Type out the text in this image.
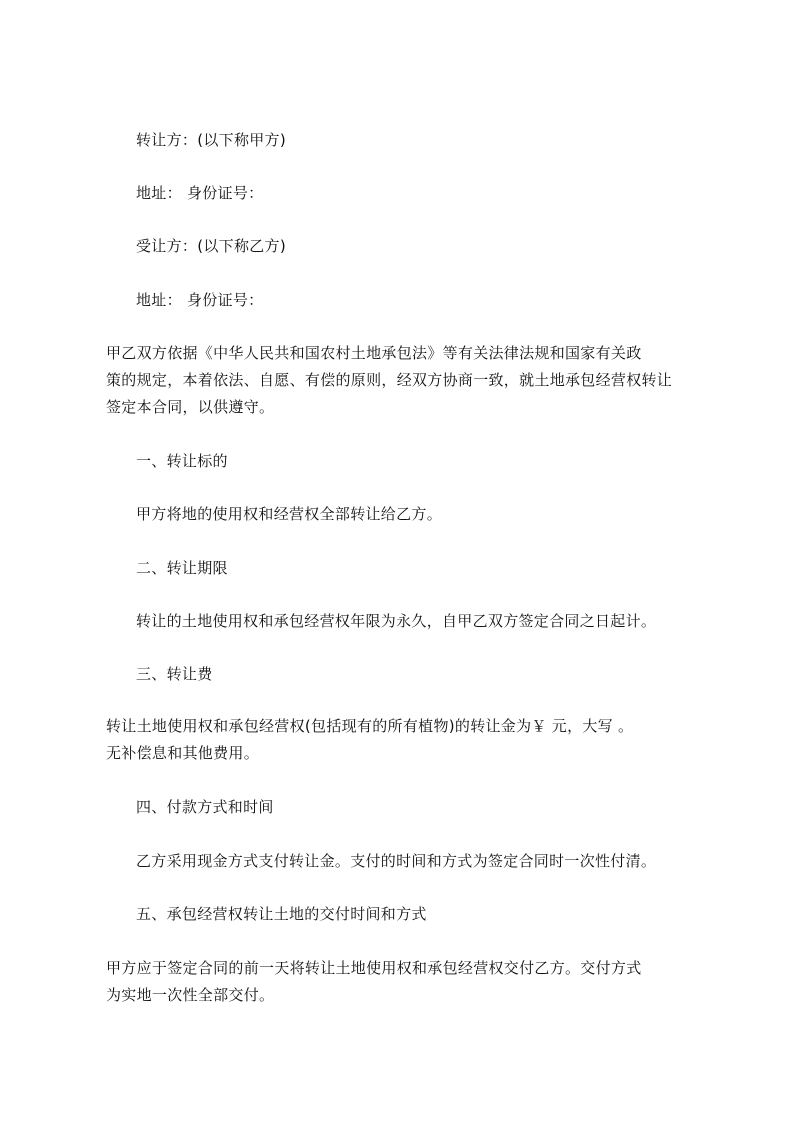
转让方：(以下称甲方)

地址： 身份证号：

受让方：(以下称乙方)

地址： 身份证号：

甲乙双方依据《中华人民共和国农村土地承包法》等有关法律法规和国家有关政
策的规定，本着依法、自愿、有偿的原则，经双方协商一致，就土地承包经营权转让
签定本合同，以供遵守。

一、转让标的

甲方将地的使用权和经营权全部转让给乙方。

二、转让期限

转让的土地使用权和承包经营权年限为永久，自甲乙双方签定合同之日起计。

三、转让费

转让土地使用权和承包经营权(包括现有的所有植物)的转让金为￥ 元，大写 。
无补偿息和其他费用。

四、付款方式和时间

乙方采用现金方式支付转让金。支付的时间和方式为签定合同时一次性付清。

五、承包经营权转让土地的交付时间和方式

甲方应于签定合同的前一天将转让土地使用权和承包经营权交付乙方。交付方式
为实地一次性全部交付。
